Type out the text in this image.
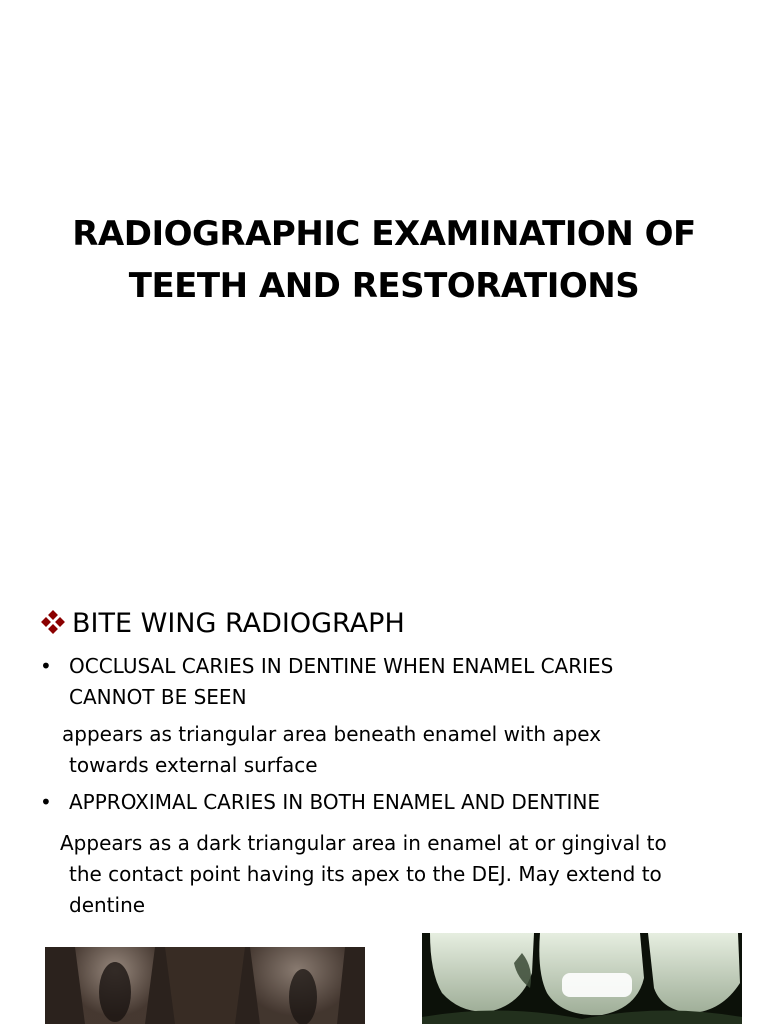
RADIOGRAPHIC EXAMINATION OF
TEETH AND RESTORATIONS
BITE WING RADIOGRAPH
• OCCLUSAL CARIES IN DENTINE WHEN ENAMEL CARIES
CANNOT BE SEEN
appears as triangular area beneath enamel with apex
towards external surface
• APPROXIMAL CARIES IN BOTH ENAMEL AND DENTINE
Appears as a dark triangular area in enamel at or gingival to
the contact point having its apex to the DEJ. May extend to
dentine
